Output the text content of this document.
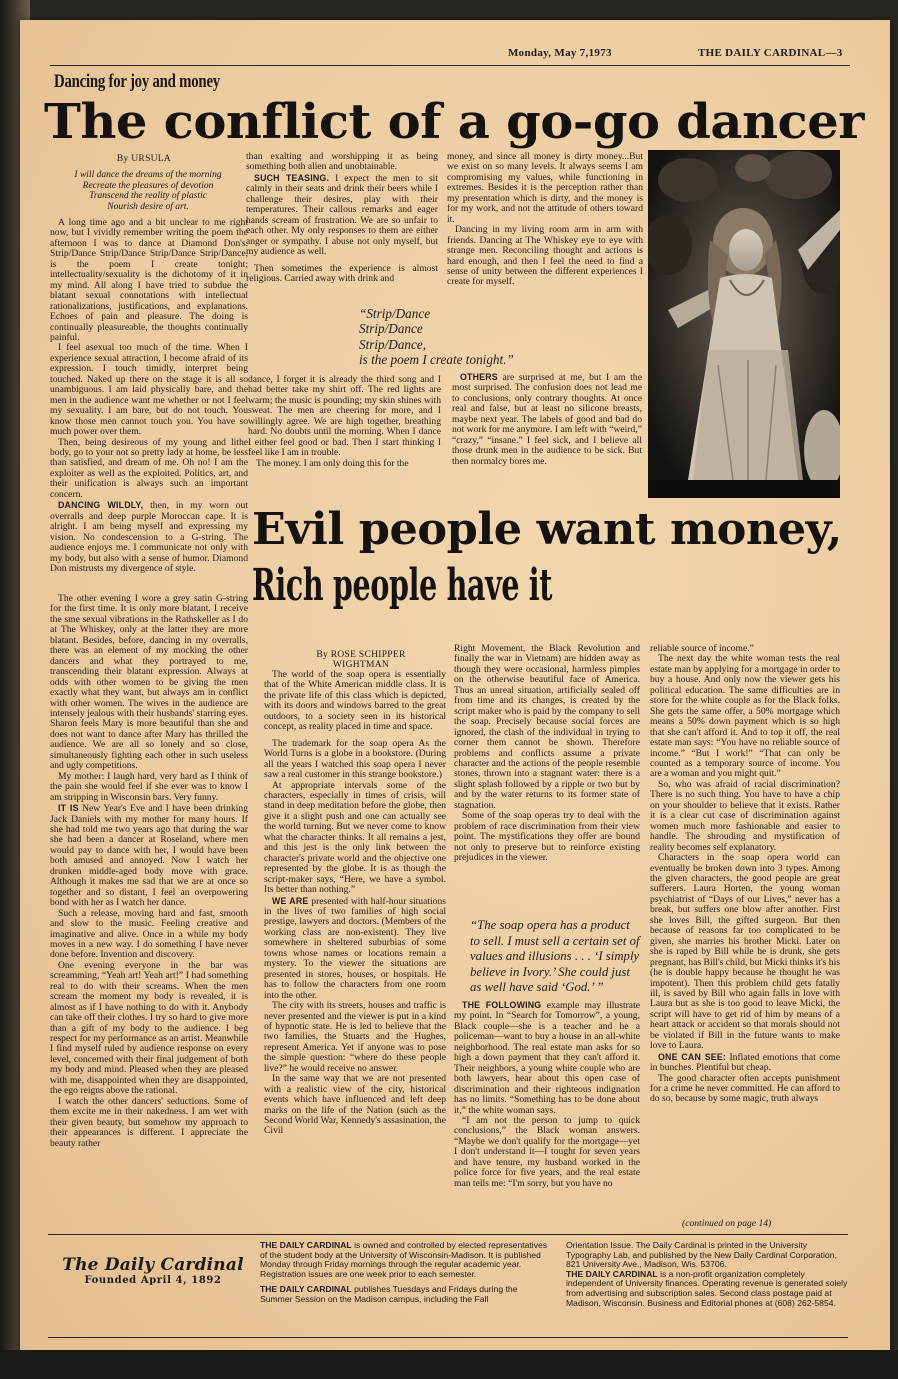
Monday, May 7,1973	THE DAILY CARDINAL—3
Dancing for joy and money
The conflict of a go-go dancer
By URSULA
I will dance the dreams of the morning
Recreate the pleasures of devotion
Transcend the reality of plastic
Nourish desire of art.

A long time ago and a bit unclear to me right now, but I vividly remember writing the poem the afternoon I was to dance at Diamond Don's. Strip/Dance Strip/Dance Strip/Dance Strip/Dance, is the poem I create tonight; intellectuality/sexuality is the dichotomy of it in my mind. All along I have tried to subdue the blatant sexual connotations with intellectual rationalizations, justifications, and explanations. Echoes of pain and pleasure. The doing is continually pleasureable, the thoughts continually painful.

I feel asexual too much of the time. When I experience sexual attraction, I become afraid of its expression. I touch timidly, interpret being touched. Naked up there on the stage it is all so unambiguous. I am laid physically bare, and the men in the audience want me whether or not I feel my sexuality. I am bare, but do not touch. You know those men cannot touch you. You have so much power over them.

Then, being desireous of my young and lithe body, go to your not so pretty lady at home, be less than satisfied, and dream of me. Oh no! I am the exploiter as well as the exploited. Politics, art, and their unification is always such an important concern.

DANCING WILDLY, then, in my worn out overralls and deep purple Moroccan cape. It is alright. I am being myself and expressing my vision. No condescension to a G-string. The audience enjoys me. I communicate not only with my body, but also with a sense of humor. Diamond Don mistrusts my divergence of style.

The other evening I wore a grey satin G-string for the first time. It is only more blatant. I receive the sme sexual vibrations in the Rathskeller as I do at The Whiskey, only at the latter they are more blatant. Besides, before, dancing in my overralls, there was an element of my mocking the other dancers and what they portrayed to me, transcending their blatant expression. Always at odds with other women to be giving the men exactly what they want, but always am in conflict with other women. The wives in the audience are intensely jealous with their husbands' starring eyes. Sharon feels Mary is more beautiful than she and does not want to dance after Mary has thrilled the audience. We are all so lonely and so close, simultaneously fighting each other in such useless and ugly competitions.

My mother: I laugh hard, very hard as I think of the pain she would feel if she ever was to know I am stripping in Wisconsin bars. Very funny.

IT IS New Year's Eve and I have been drinking Jack Daniels with my mother for many hours. If she had told me two years ago that during the war she had been a dancer at Roseland, where men would pay to dance with her, I would have been both amused and annoyed. Now I watch her drunken middle-aged body move with grace. Although it makes me sad that we are at once so together and so distant, I feel an overpowering bond with her as I watch her dance.

Such a release, moving hard and fast, smooth and slow to the music. Feeling creative and imaginative and alive. Once in a while my body moves in a new way. I do something I have never done before. Invention and discovery.

One evening everyone in the bar was screamming, “Yeah art! Yeah art!” I had something real to do with their screams. When the men scream the moment my body is revealed, it is almost as if I have nothing to do with it. Anybody can take off their clothes. I try so hard to give more than a gift of my body to the audience. I beg respect for my performance as an artist. Meanwhile I find myself ruled by audience response on every level, concerned with their final judgement of both my body and mind. Pleased when they are pleased with me, disappointed when they are disappointed, the ego reigns above the rational.

I watch the other dancers' seductions. Some of them excite me in their nakedness. I am wet with their given beauty, but somehow my approach to their appearances is different. I appreciate the beauty rather

than exalting and worshipping it as being something both alien and unobtainable.

SUCH TEASING. I expect the men to sit calmly in their seats and drink their beers while I challenge their desires, play with their temperatures. Their callous remarks and eager hands scream of frustration. We are so unfair to each other. My only responses to them are either anger or sympathy. I abuse not only myself, but my audience as well.

Then sometimes the experience is almost religious. Carried away with drink and

money, and since all money is dirty money...But we exist on so many levels. It always seems I am compromising my values, while functioning in extremes. Besides it is the perception rather than my presentation which is dirty, and the money is for my work, and not the attitude of others toward it.

Dancing in my living room arm in arm with friends. Dancing at The Whiskey eye to eye with strange men. Reconciling thought and actions is hard enough, and then I feel the need to find a sense of unity between the different experiences I create for myself.

“Strip/Dance
Strip/Dance
Strip/Dance,
is the poem I create tonight.”

dance, I forget it is already the third song and I had better take my shirt off. The red lights are warm; the music is pounding; my skin shines with sweat. The men are cheering for more, and I willingly agree. We are high together, breathing hard. No doubts until the morning. When I dance I either feel good or bad. Then I start thinking I feel like I am in trouble.

The money. I am only doing this for the

OTHERS are surprised at me, but I am the most surprised. The confusion does not lead me to conclusions, only contrary thoughts. At once real and false, but at least no silicone breasts, maybe next year. The labels of good and bad do not work for me anymore. I am left with “weird,” “crazy,” “insane.” I feel sick, and I believe all those drunk men in the audience to be sick. But then normalcy bores me.

Evil people want money,
Rich people have it
By ROSE SCHIPPER
WIGHTMAN

The world of the soap opera is essentially that of the White American middle class. It is the private life of this class which is depicted, with its doors and windows barred to the great outdoors, to a society seen in its historical concept, as reality placed in time and space.

The trademark for the soap opera As the World Turns is a globe in a bookstore. (During all the years I watched this soap opera I never saw a real customer in this strange bookstore.)

At appropriate intervals some of the characters, especially in times of crisis, will stand in deep meditation before the globe, then give it a slight push and one can actually see the world turning. But we never come to know what the character thinks. It all remains a jest, and this jest is the only link between the character's private world and the objective one represented by the globe. It is as though the script-maker says, “Here, we have a symbol. Its better than nothing.”

WE ARE presented with half-hour situations in the lives of two families of high social prestige, lawyers and doctors. (Members of the working class are non-existent). They live somewhere in sheltered suburbias of some towns whose names or locations remain a mystery. To the viewer the situations are presented in stores, houses, or hospitals. He has to follow the characters from one room into the other.

The city with its streets, houses and traffic is never presented and the viewer is put in a kind of hypnotic state. He is led to believe that the two families, the Stuarts and the Hughes, represent America. Yet if anyone was to pose the simple question: “where do these people live?” he would receive no answer.

In the same way that we are not presented with a realistic view of the city, historical events which have influenced and left deep marks on the life of the Nation (such as the Second World War, Kennedy's assasination, the Civil

Right Movement, the Black Revolution and finally the war in Vietnam) are hidden away as though they were occasional, harmless pimples on the otherwise beautiful face of America. Thus an unreal situation, artificially sealed off from time and its changes, is created by the script maker who is paid by the company to sell the soap. Precisely because social forces are ignored, the clash of the individual in trying to corner them cannot be shown. Therefore problems and conflicts assume a private character and the actions of the people resemble stones, thrown into a stagnant water: there is a slight splash followed by a ripple or two but by and by the water returns to its former state of stagnation.

Some of the soap operas try to deal with the problem of race discrimination from their view point. The mystifications they offer are bound not only to preserve but to reinforce existing prejudices in the viewer.

“The soap opera has a product to sell. I must sell a certain set of values and illusions . . . ‘I simply believe in Ivory.’ She could just as well have said ‘God.’ ”

THE FOLLOWING example may illustrate my point. In “Search for Tomorrow”, a young, Black couple—she is a teacher and he a policeman—want to buy a house in an all-white neighborhood. The real estate man asks for so high a down payment that they can't afford it. Their neighbors, a young white couple who are both lawyers, hear about this open case of discrimination and their righteous indignation has no limits. “Something has to be done about it,” the white woman says.

“I am not the person to jump to quick conclusions,” the Black woman answers. “Maybe we don't qualify for the mortgage—yet I don't understand it—I tought for seven years and have tenure, my husband worked in the police force for five years, and the real estate man tells me: “I'm sorry, but you have no

reliable source of income.”

The next day the white woman tests the real estate man by applying for a mortgage in order to buy a house. And only now the viewer gets his political education. The same difficulties are in store for the white couple as for the Black folks. She gets the same offer, a 50% mortgage which means a 50% down payment which is so high that she can't afford it. And to top it off, the real estate man says: “You have no reliable source of income.” “But I work!” “That can only be counted as a temporary source of income. You are a woman and you might quit.”

So, who was afraid of racial discrimination? There is no such thing. You have to have a chip on your shoulder to believe that it exists. Rather it is a clear cut case of discrimination against women much more fashionable and easier to handle. The shrouding and mystification of reality becomes self explanatory.

Characters in the soap opera world can eventually be broken down into 3 types. Among the given characters, the good people are great sufferers. Laura Horten, the young woman psychiatrist of “Days of our Lives,” never has a break, but suffers one blow after another. First she loves Bill, the gifted surgeon. But then because of reasons far too complicated to be given, she marries his brother Micki. Later on she is raped by Bill while he is drunk, she gets pregnant, has Bill's child, but Micki thinks it's his (he is double happy because he thought he was impotent). Then this problem child gets fatally ill, is saved by Bill who again falls in love with Laura but as she is too good to leave Micki, the script will have to get rid of him by means of a heart attack or accident so that morals should not be violated if Bill in the future wants to make love to Laura.

ONE CAN SEE: Inflated emotions that come in bunches. Plentiful but cheap.

The good character often accepts punishment for a crime he never committed. He can afford to do so, because by some magic, truth always

(continued on page 14)
The Daily Cardinal
Founded April 4, 1892
THE DAILY CARDINAL is owned and controlled by elected representatives of the student body at the University of Wisconsin-Madison. It is published Monday through Friday mornings through the regular academic year.
Registration issues are one week prior to each semester.
THE DAILY CARDINAL publishes Tuesdays and Fridays during the Summer Session on the Madison campus, including the Fall
Orientation Issue. The Daily Cardinal is printed in the University Typography Lab, and published by the New Daily Cardinal Corporation, 821 University Ave., Madison, Wis. 53706.
THE DAILY CARDINAL is a non-profit organization completely independent of University finances. Operating revenue is generated solely from advertising and subscription sales. Second class postage paid at Madison, Wisconsin. Business and Editorial phones at (608) 262-5854.
